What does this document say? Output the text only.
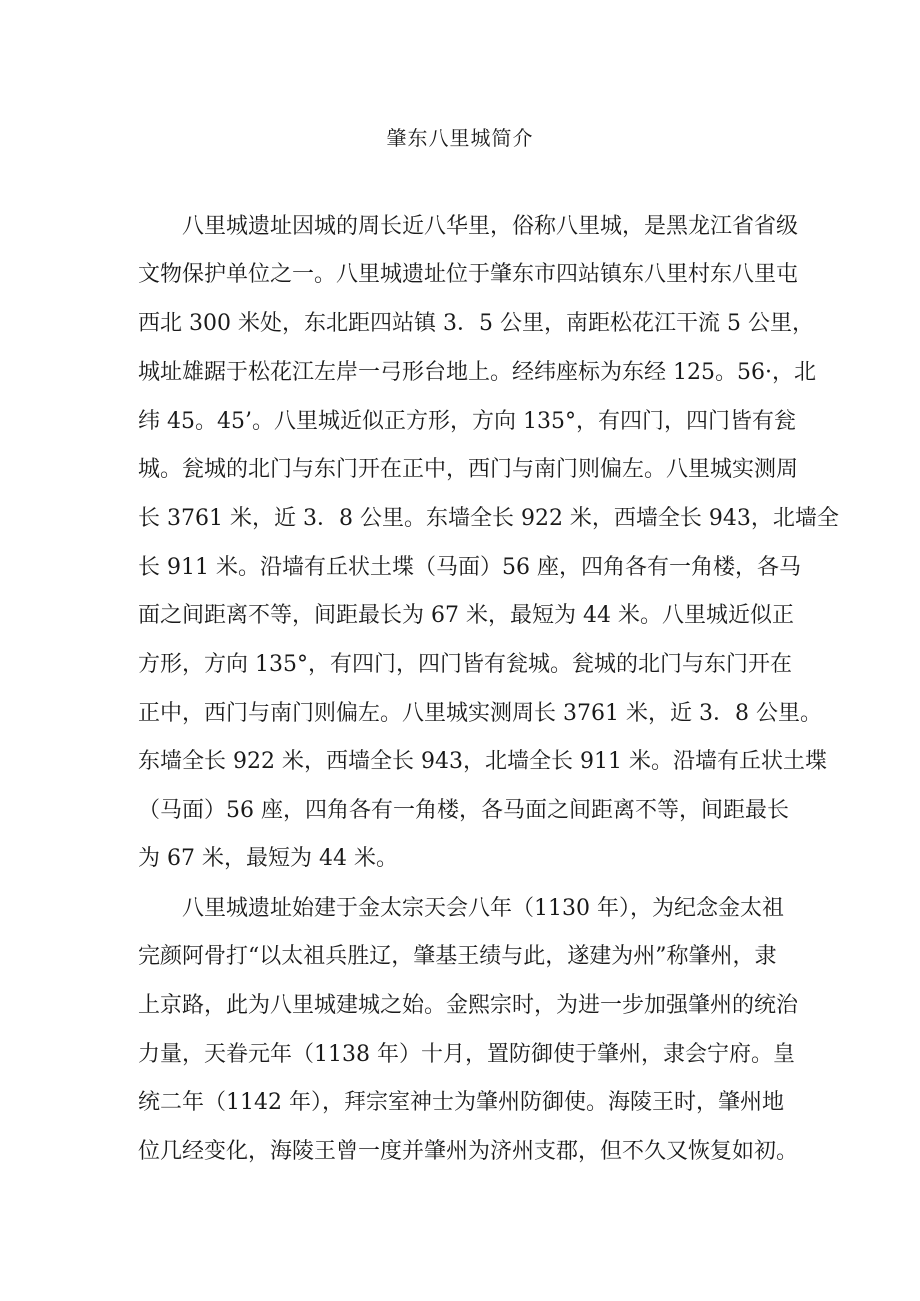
肇东八里城简介
八里城遗址因城的周长近八华里，俗称八里城，是黑龙江省省级
文物保护单位之一。八里城遗址位于肇东市四站镇东八里村东八里屯
西北 300 米处，东北距四站镇 3．5 公里，南距松花江干流 5 公里，
城址雄踞于松花江左岸一弓形台地上。经纬座标为东经 125。56·，北
纬 45。45’。八里城近似正方形，方向 135°，有四门，四门皆有瓮
城。瓮城的北门与东门开在正中，西门与南门则偏左。八里城实测周
长 3761 米，近 3．8 公里。东墙全长 922 米，西墙全长 943，北墙全
长 911 米。沿墙有丘状土堞（马面）56 座，四角各有一角楼，各马
面之间距离不等，间距最长为 67 米，最短为 44 米。八里城近似正
方形，方向 135°，有四门，四门皆有瓮城。瓮城的北门与东门开在
正中，西门与南门则偏左。八里城实测周长 3761 米，近 3．8 公里。
东墙全长 922 米，西墙全长 943，北墙全长 911 米。沿墙有丘状土堞
（马面）56 座，四角各有一角楼，各马面之间距离不等，间距最长
为 67 米，最短为 44 米。
八里城遗址始建于金太宗天会八年（1130 年），为纪念金太祖
完颜阿骨打“以太祖兵胜辽，肇基王绩与此，遂建为州”称肇州，隶
上京路，此为八里城建城之始。金熙宗时，为进一步加强肇州的统治
力量，天眷元年（1138 年）十月，置防御使于肇州，隶会宁府。皇
统二年（1142 年），拜宗室神士为肇州防御使。海陵王时，肇州地
位几经变化，海陵王曾一度并肇州为济州支郡，但不久又恢复如初。
